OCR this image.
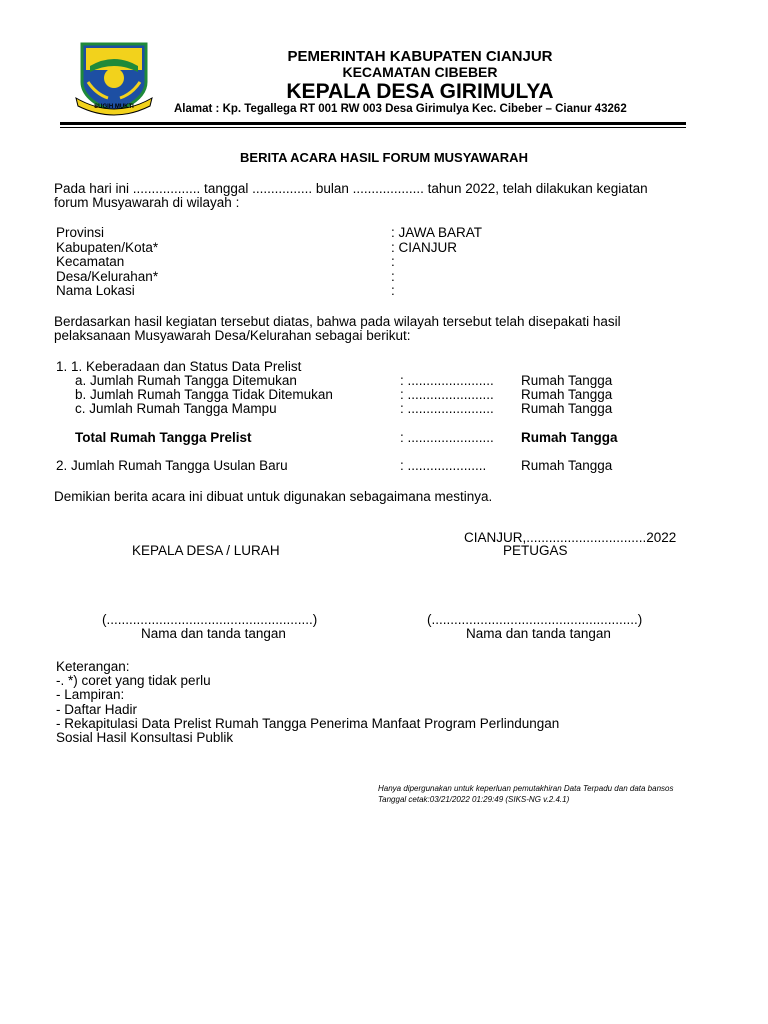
SUGIH MUKTI
PEMERINTAH KABUPATEN CIANJUR
KECAMATAN CIBEBER
KEPALA DESA GIRIMULYA
Alamat : Kp. Tegallega RT 001 RW 003 Desa Girimulya Kec. Cibeber – Cianur 43262
BERITA ACARA HASIL FORUM MUSYAWARAH
Pada hari ini .................. tanggal ................ bulan ................... tahun 2022, telah dilakukan kegiatan
forum Musyawarah di wilayah :
Provinsi	: JAWA BARAT
Kabupaten/Kota*	: CIANJUR
Kecamatan	:
Desa/Kelurahan*	:
Nama Lokasi	:
Berdasarkan hasil kegiatan tersebut diatas, bahwa pada wilayah tersebut telah disepakati hasil
pelaksanaan Musyawarah Desa/Kelurahan sebagai berikut:
1. 1. Keberadaan dan Status Data Prelist
a. Jumlah Rumah Tangga Ditemukan	: ....................... Rumah Tangga
b. Jumlah Rumah Tangga Tidak Ditemukan	: ....................... Rumah Tangga
c. Jumlah Rumah Tangga Mampu	: ....................... Rumah Tangga
Total Rumah Tangga Prelist	: ....................... Rumah Tangga
2. Jumlah Rumah Tangga Usulan Baru	: .....................	Rumah Tangga
Demikian berita acara ini dibuat untuk digunakan sebagaimana mestinya.
CIANJUR,................................2022
KEPALA DESA / LURAH	PETUGAS
(.......................................................)	(.......................................................)
Nama dan tanda tangan	Nama dan tanda tangan
Keterangan:
-. *) coret yang tidak perlu
- Lampiran:
- Daftar Hadir
- Rekapitulasi Data Prelist Rumah Tangga Penerima Manfaat Program Perlindungan
Sosial Hasil Konsultasi Publik
Hanya dipergunakan untuk keperluan pemutakhiran Data Terpadu dan data bansos
Tanggal cetak:03/21/2022 01:29:49 (SIKS-NG v.2.4.1)
